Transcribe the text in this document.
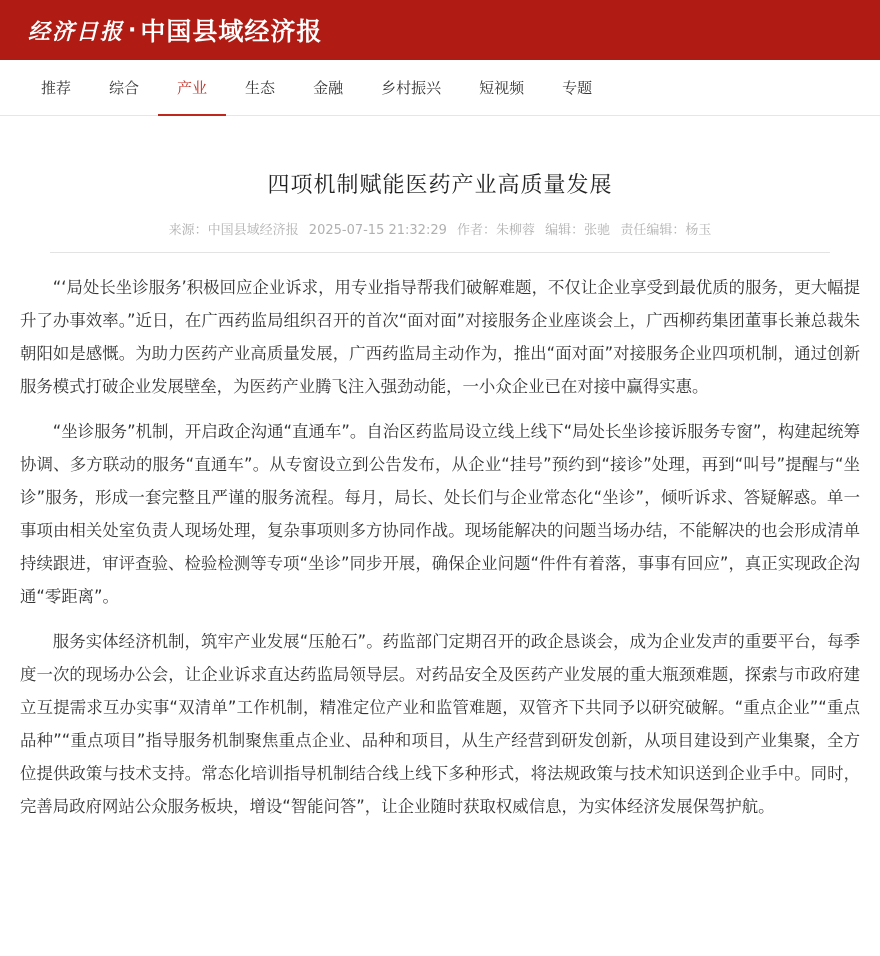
经济日报 · 中国县域经济报
推荐	综合	产业	生态	金融	乡村振兴	短视频	专题
四项机制赋能医药产业高质量发展
来源：中国县域经济报 2025-07-15 21:32:29 作者：朱柳蓉 编辑：张驰 责任编辑：杨玉

“‘局处长坐诊服务’积极回应企业诉求，用专业指导帮我们破解难题，不仅让企业享受到最优质的服务，更大幅提升了办事效率。”近日，在广西药监局组织召开的首次“面对面”对接服务企业座谈会上，广西柳药集团董事长兼总裁朱朝阳如是感慨。为助力医药产业高质量发展，广西药监局主动作为，推出“面对面”对接服务企业四项机制，通过创新服务模式打破企业发展壁垒，为医药产业腾飞注入强劲动能，一小众企业已在对接中赢得实惠。

“坐诊服务”机制，开启政企沟通“直通车”。自治区药监局设立线上线下“局处长坐诊接诉服务专窗”，构建起统筹协调、多方联动的服务“直通车”。从专窗设立到公告发布，从企业“挂号”预约到“接诊”处理，再到“叫号”提醒与“坐诊”服务，形成一套完整且严谨的服务流程。每月，局长、处长们与企业常态化“坐诊”，倾听诉求、答疑解惑。单一事项由相关处室负责人现场处理，复杂事项则多方协同作战。现场能解决的问题当场办结，不能解决的也会形成清单持续跟进，审评查验、检验检测等专项“坐诊”同步开展，确保企业问题“件件有着落，事事有回应”，真正实现政企沟通“零距离”。

服务实体经济机制，筑牢产业发展“压舱石”。药监部门定期召开的政企恳谈会，成为企业发声的重要平台，每季度一次的现场办公会，让企业诉求直达药监局领导层。对药品安全及医药产业发展的重大瓶颈难题，探索与市政府建立互提需求互办实事“双清单”工作机制，精准定位产业和监管难题，双管齐下共同予以研究破解。“重点企业”“重点品种”“重点项目”指导服务机制聚焦重点企业、品种和项目，从生产经营到研发创新，从项目建设到产业集聚，全方位提供政策与技术支持。常态化培训指导机制结合线上线下多种形式，将法规政策与技术知识送到企业手中。同时，完善局政府网站公众服务板块，增设“智能问答”，让企业随时获取权威信息，为实体经济发展保驾护航。
